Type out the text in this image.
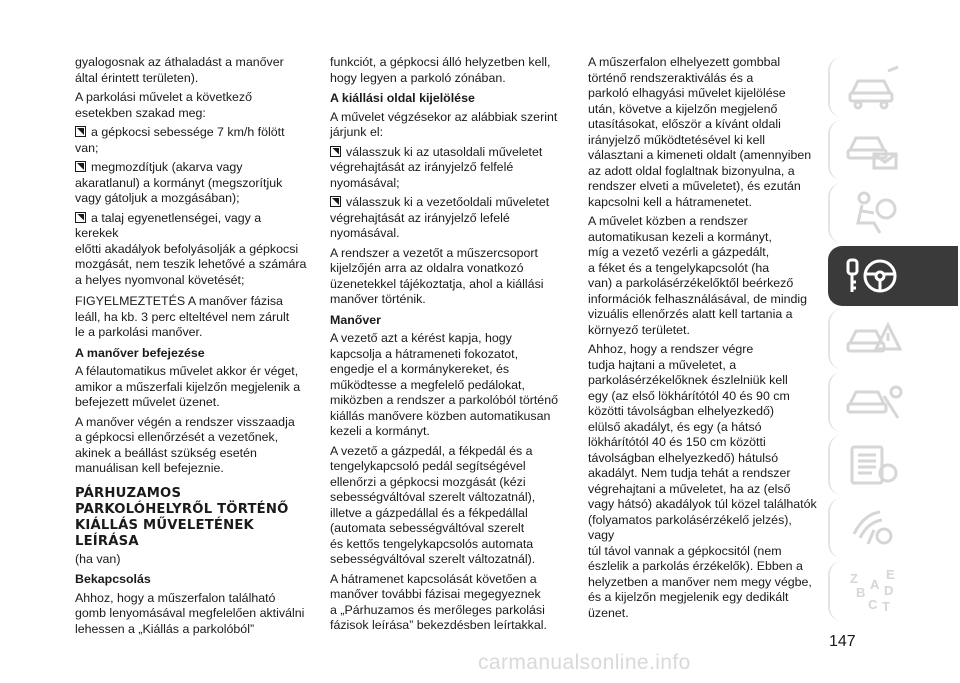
gyalogosnak az áthaladást a manőver
által érintett területen).

A parkolási művelet a következő
esetekben szakad meg:

a gépkocsi sebessége 7 km/h fölött
van;

megmozdítjuk (akarva vagy
akaratlanul) a kormányt (megszorítjuk
vagy gátoljuk a mozgásában);

a talaj egyenetlenségei, vagy a kerekek
előtti akadályok befolyásolják a gépkocsi
mozgását, nem teszik lehetővé a számára
a helyes nyomvonal követését;

FIGYELMEZTETÉS A manőver fázisa
leáll, ha kb. 3 perc elteltével nem zárult
le a parkolási manőver.

A manőver befejezése

A félautomatikus művelet akkor ér véget,
amikor a műszerfali kijelzőn megjelenik a
befejezett művelet üzenet.

A manőver végén a rendszer visszaadja
a gépkocsi ellenőrzését a vezetőnek,
akinek a beállást szükség esetén
manuálisan kell befejeznie.

PÁRHUZAMOS
PARKOLÓHELYRŐL TÖRTÉNŐ
KIÁLLÁS MŰVELETÉNEK
LEÍRÁSA

(ha van)

Bekapcsolás

Ahhoz, hogy a műszerfalon található
gomb lenyomásával megfelelően aktiválni
lehessen a „Kiállás a parkolóból”

funkciót, a gépkocsi álló helyzetben kell,
hogy legyen a parkoló zónában.

A kiállási oldal kijelölése

A művelet végzésekor az alábbiak szerint
járjunk el:

válasszuk ki az utasoldali műveletet
végrehajtását az irányjelző felfelé
nyomásával;

válasszuk ki a vezetőoldali műveletet
végrehajtását az irányjelző lefelé
nyomásával.

A rendszer a vezetőt a műszercsoport
kijelzőjén arra az oldalra vonatkozó
üzenetekkel tájékoztatja, ahol a kiállási
manőver történik.

Manőver

A vezető azt a kérést kapja, hogy
kapcsolja a hátrameneti fokozatot,
engedje el a kormánykereket, és
működtesse a megfelelő pedálokat,
miközben a rendszer a parkolóból történő
kiállás manővere közben automatikusan
kezeli a kormányt.

A vezető a gázpedál, a fékpedál és a
tengelykapcsoló pedál segítségével
ellenőrzi a gépkocsi mozgását (kézi
sebességváltóval szerelt változatnál),
illetve a gázpedállal és a fékpedállal
(automata sebességváltóval szerelt
és kettős tengelykapcsolós automata
sebességváltóval szerelt változatnál).

A hátramenet kapcsolását követően a
manőver további fázisai megegyeznek
a „Párhuzamos és merőleges parkolási
fázisok leírása” bekezdésben leírtakkal.

A műszerfalon elhelyezett gombbal
történő rendszeraktiválás és a
parkoló elhagyási művelet kijelölése
után, követve a kijelzőn megjelenő
utasításokat, először a kívánt oldali
irányjelző működtetésével ki kell
választani a kimeneti oldalt (amennyiben
az adott oldal foglaltnak bizonyulna, a
rendszer elveti a műveletet), és ezután
kapcsolni kell a hátramenetet.

A művelet közben a rendszer
automatikusan kezeli a kormányt,
míg a vezető vezérli a gázpedált,
a féket és a tengelykapcsolót (ha
van) a parkolásérzékelőktől beérkező
információk felhasználásával, de mindig
vizuális ellenőrzés alatt kell tartania a
környező területet.

Ahhoz, hogy a rendszer végre
tudja hajtani a műveletet, a
parkolásérzékelőknek észlelniük kell
egy (az első lökhárítótól 40 és 90 cm
közötti távolságban elhelyezkedő)
elülső akadályt, és egy (a hátsó
lökhárítótól 40 és 150 cm közötti
távolságban elhelyezkedő) hátulsó
akadályt. Nem tudja tehát a rendszer
végrehajtani a műveletet, ha az (első
vagy hátsó) akadályok túl közel találhatók
(folyamatos parkolásérzékelő jelzés), vagy
túl távol vannak a gépkocsitól (nem
észlelik a parkolás érzékelők). Ebben a
helyzetben a manőver nem megy végbe,
és a kijelzőn megjelenik egy dedikált
üzenet.

Z E
B D
A
C T
147
carmanualsonline.info
